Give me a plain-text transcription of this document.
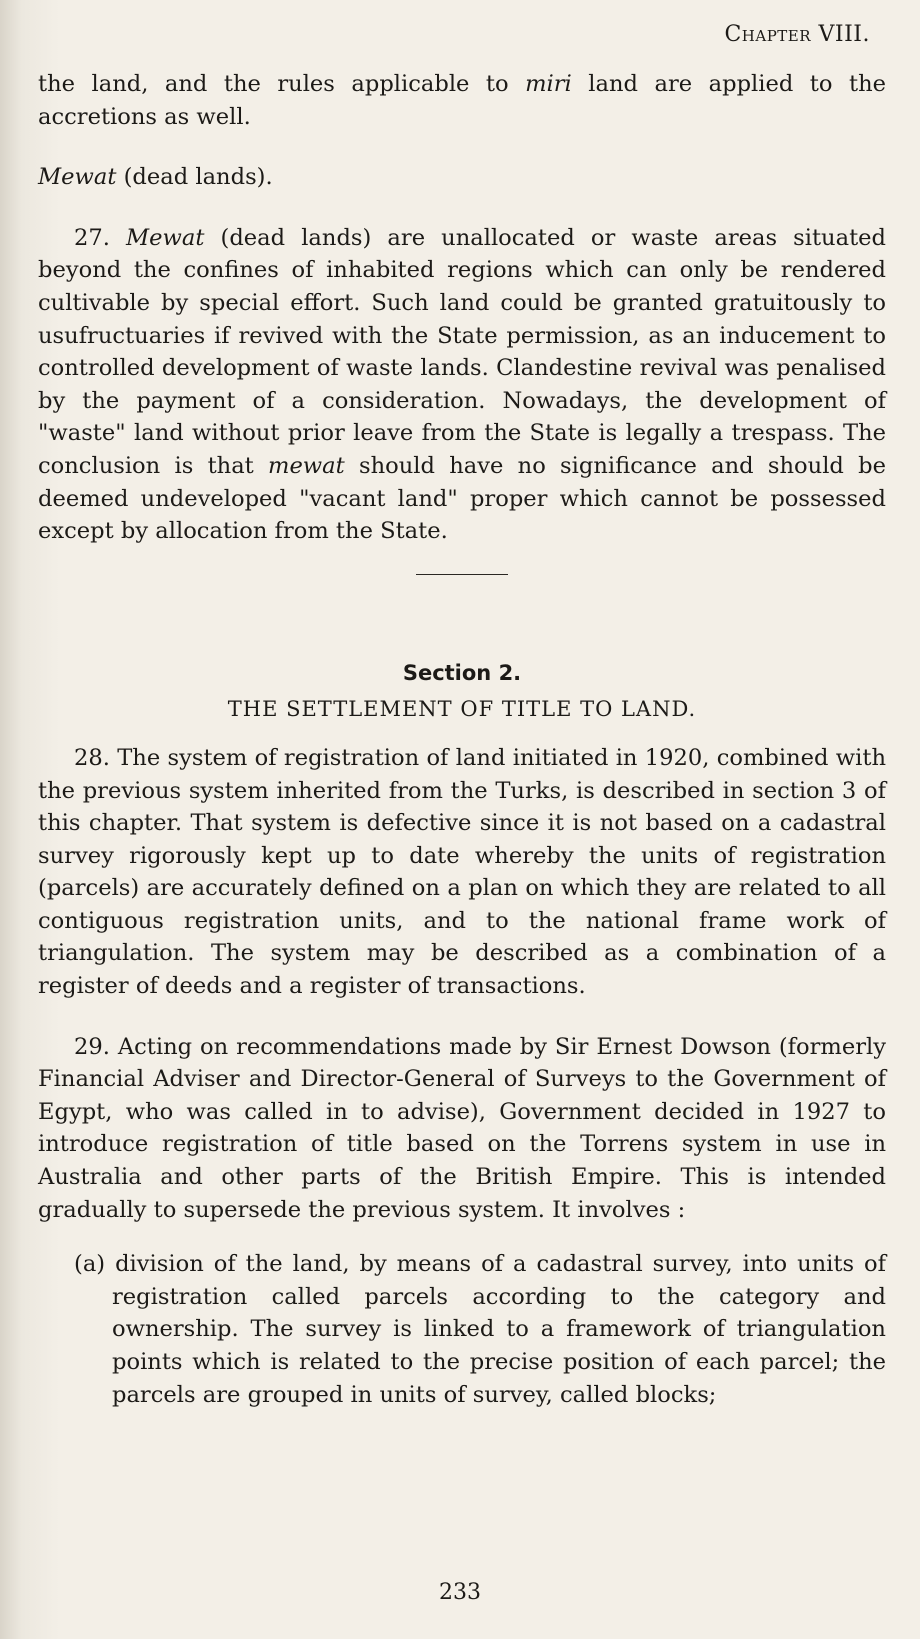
Chapter VIII.

the land, and the rules applicable to miri land are applied to the accretions as well.

Mewat (dead lands).

27. Mewat (dead lands) are unallocated or waste areas situated beyond the confines of inhabited regions which can only be rendered cultivable by special effort. Such land could be granted gratuitously to usufructuaries if revived with the State permission, as an inducement to controlled development of waste lands. Clandestine revival was penalised by the payment of a consideration. Nowadays, the development of "waste" land without prior leave from the State is legally a trespass. The conclusion is that mewat should have no significance and should be deemed undeveloped "vacant land" proper which cannot be possessed except by allocation from the State.

Section 2.
THE SETTLEMENT OF TITLE TO LAND.

28. The system of registration of land initiated in 1920, combined with the previous system inherited from the Turks, is described in section 3 of this chapter. That system is defective since it is not based on a cadastral survey rigorously kept up to date whereby the units of registration (parcels) are accurately defined on a plan on which they are related to all contiguous registration units, and to the national frame work of triangulation. The system may be described as a combination of a register of deeds and a register of transactions.

29. Acting on recommendations made by Sir Ernest Dowson (formerly Financial Adviser and Director-General of Surveys to the Government of Egypt, who was called in to advise), Government decided in 1927 to introduce registration of title based on the Torrens system in use in Australia and other parts of the British Empire. This is intended gradually to supersede the previous system. It involves :

(a) division of the land, by means of a cadastral survey, into units of registration called parcels according to the category and ownership. The survey is linked to a framework of triangulation points which is related to the precise position of each parcel; the parcels are grouped in units of survey, called blocks;

233
